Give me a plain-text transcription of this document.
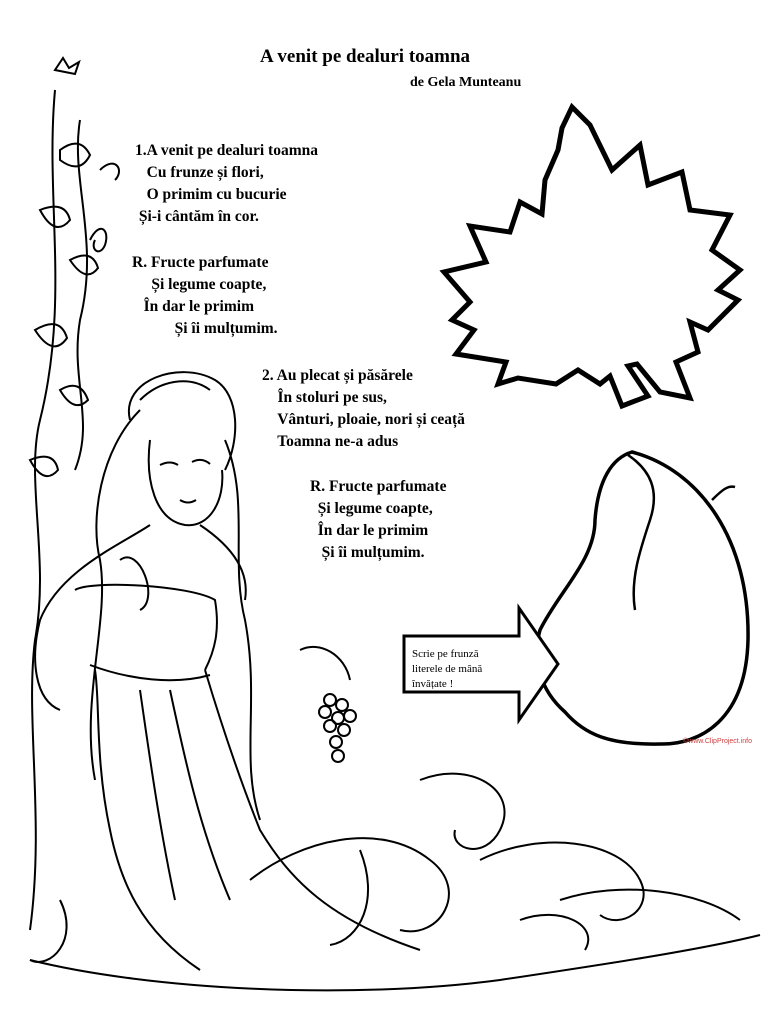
A venit pe dealuri toamna
de Gela Munteanu
1.A venit pe dealuri toamna
Cu frunze și flori,
O primim cu bucurie
Și-i cântăm în cor.
R. Fructe parfumate
Și legume coapte,
În dar le primim
Și îi mulțumim.
2. Au plecat și păsărele
În stoluri pe sus,
Vânturi, ploaie, nori și ceață
Toamna ne-a adus
R. Fructe parfumate
Și legume coapte,
În dar le primim
Și îi mulțumim.
Scrie pe frunză
literele de mână
învățate !
©www.ClipProject.info
